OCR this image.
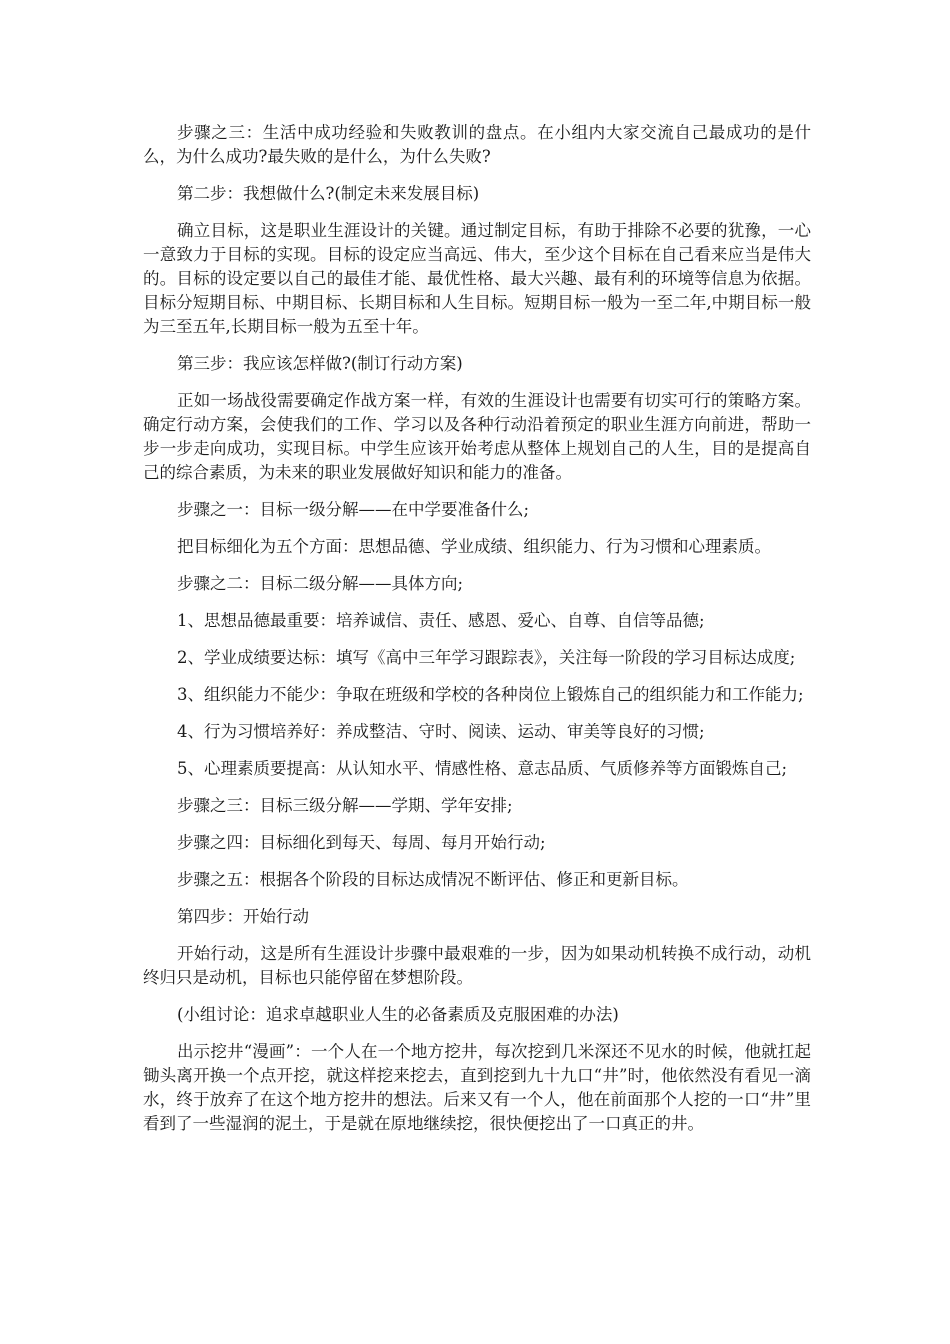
步骤之三：生活中成功经验和失败教训的盘点。在小组内大家交流自己最成功的是什么，为什么成功?最失败的是什么，为什么失败?

第二步：我想做什么?(制定未来发展目标)

确立目标，这是职业生涯设计的关键。通过制定目标，有助于排除不必要的犹豫，一心一意致力于目标的实现。目标的设定应当高远、伟大，至少这个目标在自己看来应当是伟大的。目标的设定要以自己的最佳才能、最优性格、最大兴趣、最有利的环境等信息为依据。目标分短期目标、中期目标、长期目标和人生目标。短期目标一般为一至二年,中期目标一般为三至五年,长期目标一般为五至十年。

第三步：我应该怎样做?(制订行动方案)

正如一场战役需要确定作战方案一样，有效的生涯设计也需要有切实可行的策略方案。确定行动方案，会使我们的工作、学习以及各种行动沿着预定的职业生涯方向前进，帮助一步一步走向成功，实现目标。中学生应该开始考虑从整体上规划自己的人生，目的是提高自己的综合素质，为未来的职业发展做好知识和能力的准备。

步骤之一：目标一级分解——在中学要准备什么;

把目标细化为五个方面：思想品德、学业成绩、组织能力、行为习惯和心理素质。

步骤之二：目标二级分解——具体方向;

1、思想品德最重要：培养诚信、责任、感恩、爱心、自尊、自信等品德;

2、学业成绩要达标：填写《高中三年学习跟踪表》，关注每一阶段的学习目标达成度;

3、组织能力不能少：争取在班级和学校的各种岗位上锻炼自己的组织能力和工作能力;

4、行为习惯培养好：养成整洁、守时、阅读、运动、审美等良好的习惯;

5、心理素质要提高：从认知水平、情感性格、意志品质、气质修养等方面锻炼自己;

步骤之三：目标三级分解——学期、学年安排;

步骤之四：目标细化到每天、每周、每月开始行动;

步骤之五：根据各个阶段的目标达成情况不断评估、修正和更新目标。

第四步：开始行动

开始行动，这是所有生涯设计步骤中最艰难的一步，因为如果动机转换不成行动，动机终归只是动机，目标也只能停留在梦想阶段。

(小组讨论：追求卓越职业人生的必备素质及克服困难的办法)

出示挖井“漫画”：一个人在一个地方挖井，每次挖到几米深还不见水的时候，他就扛起锄头离开换一个点开挖，就这样挖来挖去，直到挖到九十九口“井”时，他依然没有看见一滴水，终于放弃了在这个地方挖井的想法。后来又有一个人，他在前面那个人挖的一口“井”里看到了一些湿润的泥土，于是就在原地继续挖，很快便挖出了一口真正的井。
